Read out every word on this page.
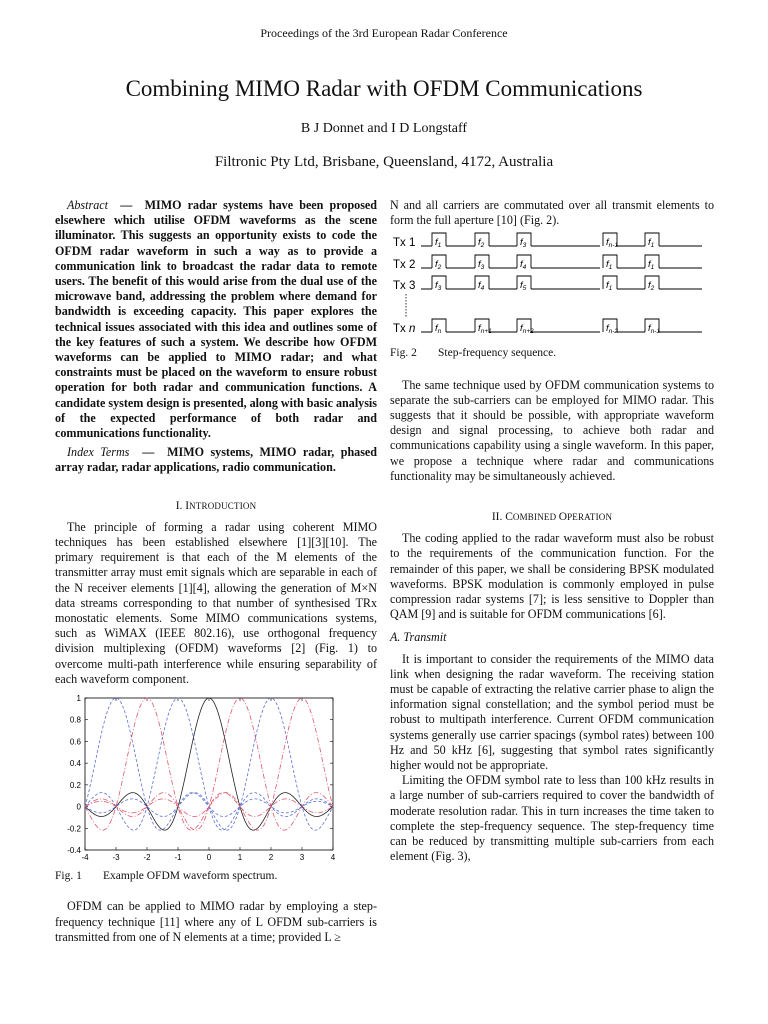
Proceedings of the 3rd European Radar Conference
Combining MIMO Radar with OFDM Communications
B J Donnet and I D Longstaff
Filtronic Pty Ltd, Brisbane, Queensland, 4172, Australia

Abstract — MIMO radar systems have been proposed elsewhere which utilise OFDM waveforms as the scene illuminator. This suggests an opportunity exists to code the OFDM radar waveform in such a way as to provide a communication link to broadcast the radar data to remote users. The benefit of this would arise from the dual use of the microwave band, addressing the problem where demand for bandwidth is exceeding capacity. This paper explores the technical issues associated with this idea and outlines some of the key features of such a system. We describe how OFDM waveforms can be applied to MIMO radar; and what constraints must be placed on the waveform to ensure robust operation for both radar and communication functions. A candidate system design is presented, along with basic analysis of the expected performance of both radar and communications functionality.

Index Terms — MIMO systems, MIMO radar, phased array radar, radar applications, radio communication.

I. INTRODUCTION

The principle of forming a radar using coherent MIMO techniques has been established elsewhere [1][3][10]. The primary requirement is that each of the M elements of the transmitter array must emit signals which are separable in each of the N receiver elements [1][4], allowing the generation of M×N data streams corresponding to that number of synthesised TRx monostatic elements. Some MIMO communications systems, such as WiMAX (IEEE 802.16), use orthogonal frequency division multiplexing (OFDM) waveforms [2] (Fig. 1) to overcome multi-path interference while ensuring separability of each waveform component.

1
0.8
0.6
0.4
0.2
0
-0.2
-0.4
-4	-3	-2	-1	0	1	2	3	4

Fig. 1 Example OFDM waveform spectrum.

OFDM can be applied to MIMO radar by employing a step-frequency technique [11] where any of L OFDM sub-carriers is transmitted from one of N elements at a time; provided L ≥

N and all carriers are commutated over all transmit elements to form the full aperture [10] (Fig. 2).

Tx 1 $f_1$	$f_2$	$f_3$	$f_{n-1}$	$f_1$
Tx 2 $f_2$	$f_3$	$f_4$	$f_1$	$f_1$
Tx 3 $f_3$	$f_4$	$f_5$	$f_1$	$f_2$
Tx n $f_n$	$f_{n+1}$	$f_{n+2}$	$f_{n-2}$	$f_{n-1}$

Fig. 2 Step-frequency sequence.

The same technique used by OFDM communication systems to separate the sub-carriers can be employed for MIMO radar. This suggests that it should be possible, with appropriate waveform design and signal processing, to achieve both radar and communications capability using a single waveform. In this paper, we propose a technique where radar and communications functionality may be simultaneously achieved.

II. COMBINED OPERATION

The coding applied to the radar waveform must also be robust to the requirements of the communication function. For the remainder of this paper, we shall be considering BPSK modulated waveforms. BPSK modulation is commonly employed in pulse compression radar systems [7]; is less sensitive to Doppler than QAM [9] and is suitable for OFDM communications [6].

A. Transmit

It is important to consider the requirements of the MIMO data link when designing the radar waveform. The receiving station must be capable of extracting the relative carrier phase to align the information signal constellation; and the symbol period must be robust to multipath interference. Current OFDM communication systems generally use carrier spacings (symbol rates) between 100 Hz and 50 kHz [6], suggesting that symbol rates significantly higher would not be appropriate.

Limiting the OFDM symbol rate to less than 100 kHz results in a large number of sub-carriers required to cover the bandwidth of moderate resolution radar. This in turn increases the time taken to complete the step-frequency sequence. The step-frequency time can be reduced by transmitting multiple sub-carriers from each element (Fig. 3),
